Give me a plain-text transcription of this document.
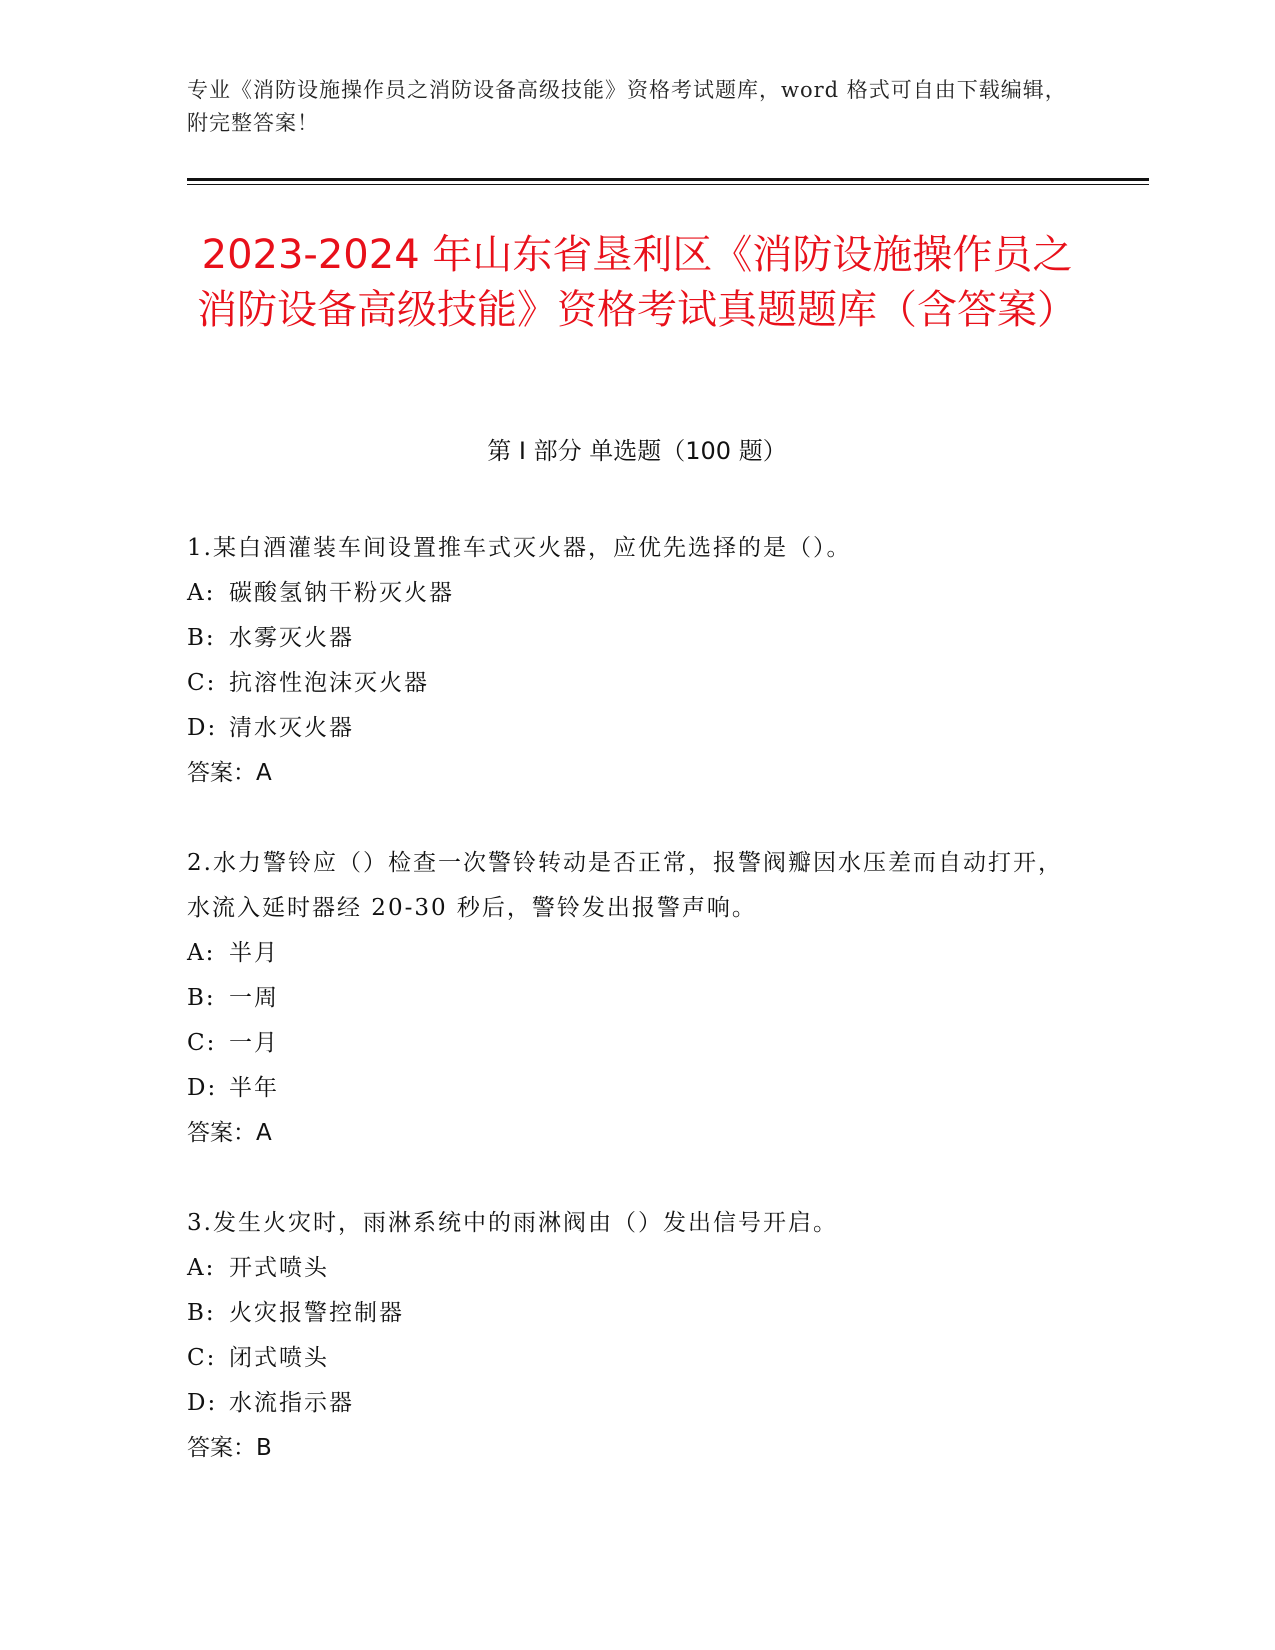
专业《消防设施操作员之消防设备高级技能》资格考试题库，word 格式可自由下载编辑，附完整答案！
2023-2024 年山东省垦利区《消防设施操作员之消防设备高级技能》资格考试真题题库（含答案）
第 I 部分 单选题（100 题）

1.某白酒灌装车间设置推车式灭火器，应优先选择的是（）。

A: 碳酸氢钠干粉灭火器

B: 水雾灭火器

C: 抗溶性泡沫灭火器

D: 清水灭火器

答案：A

2.水力警铃应（）检查一次警铃转动是否正常，报警阀瓣因水压差而自动打开，水流入延时器经 20-30 秒后，警铃发出报警声响。

A: 半月

B: 一周

C: 一月

D: 半年

答案：A

3.发生火灾时，雨淋系统中的雨淋阀由（）发出信号开启。

A: 开式喷头

B: 火灾报警控制器

C: 闭式喷头

D: 水流指示器

答案：B
